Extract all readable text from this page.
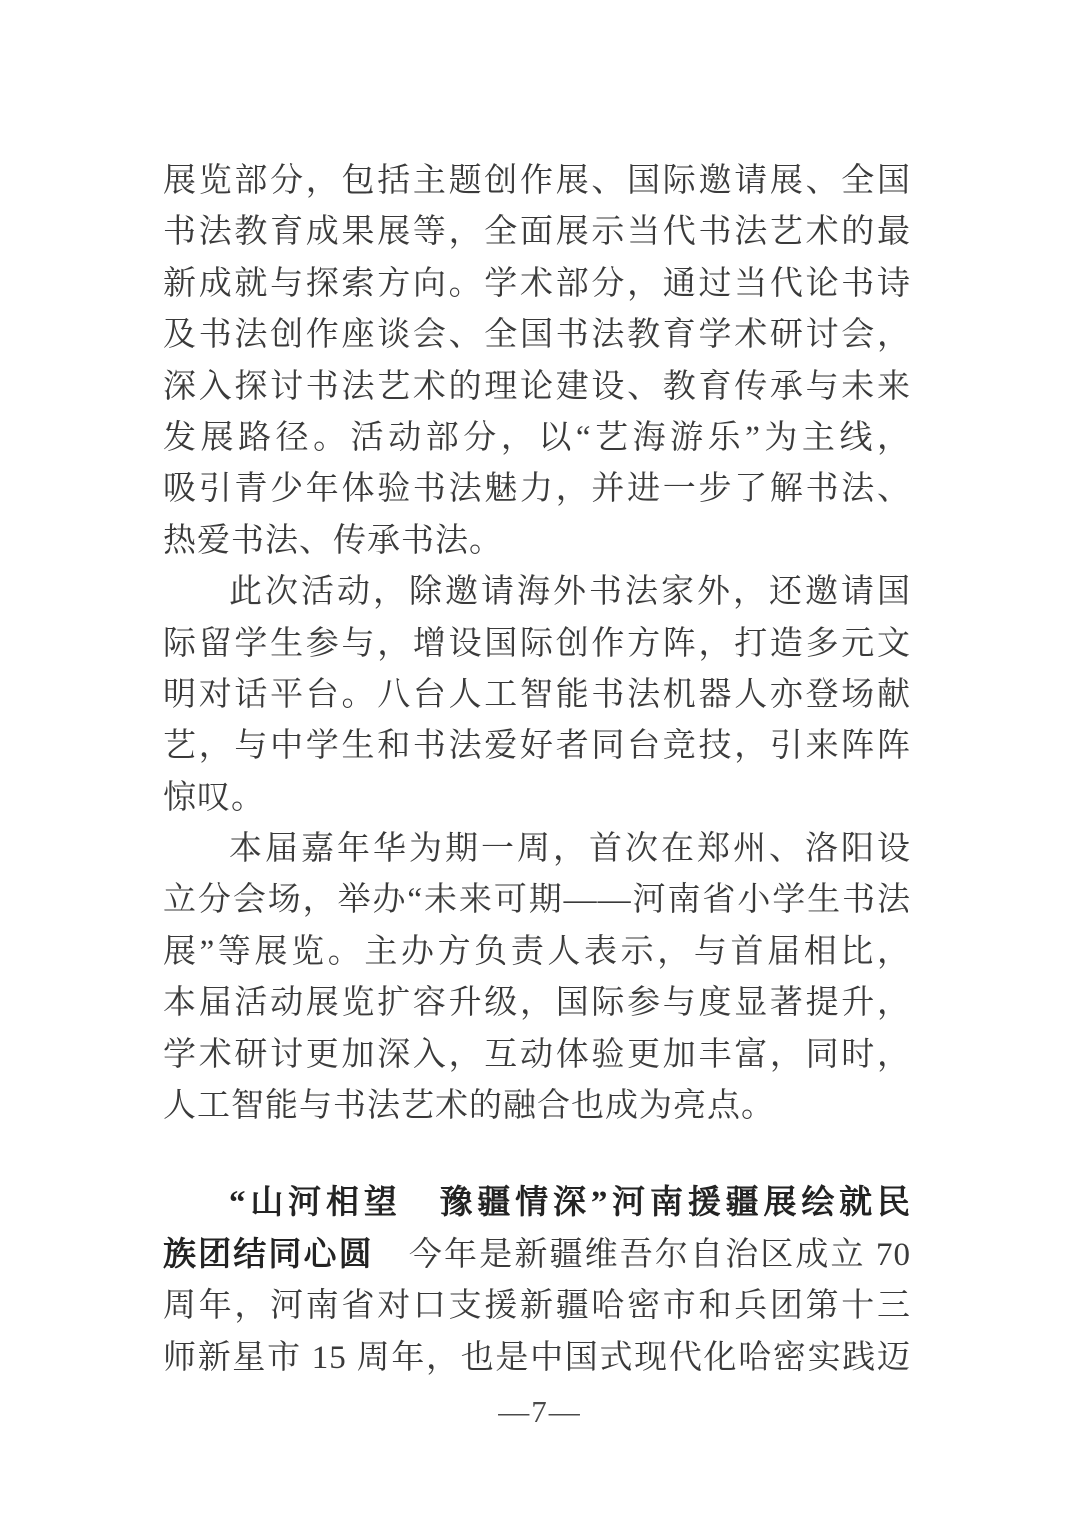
展览部分，包括主题创作展、国际邀请展、全国
书法教育成果展等，全面展示当代书法艺术的最
新成就与探索方向。学术部分，通过当代论书诗
及书法创作座谈会、全国书法教育学术研讨会，
深入探讨书法艺术的理论建设、教育传承与未来
发展路径。活动部分，以“艺海游乐”为主线，
吸引青少年体验书法魅力，并进一步了解书法、
热爱书法、传承书法。
此次活动，除邀请海外书法家外，还邀请国
际留学生参与，增设国际创作方阵，打造多元文
明对话平台。八台人工智能书法机器人亦登场献
艺，与中学生和书法爱好者同台竞技，引来阵阵
惊叹。
本届嘉年华为期一周，首次在郑州、洛阳设
立分会场，举办“未来可期——河南省小学生书法
展”等展览。主办方负责人表示，与首届相比，
本届活动展览扩容升级，国际参与度显著提升，
学术研讨更加深入，互动体验更加丰富，同时，
人工智能与书法艺术的融合也成为亮点。
“山河相望　豫疆情深”河南援疆展绘就民
族团结同心圆　今年是新疆维吾尔自治区成立 70
周年，河南省对口支援新疆哈密市和兵团第十三
师新星市 15 周年，也是中国式现代化哈密实践迈
—7—
